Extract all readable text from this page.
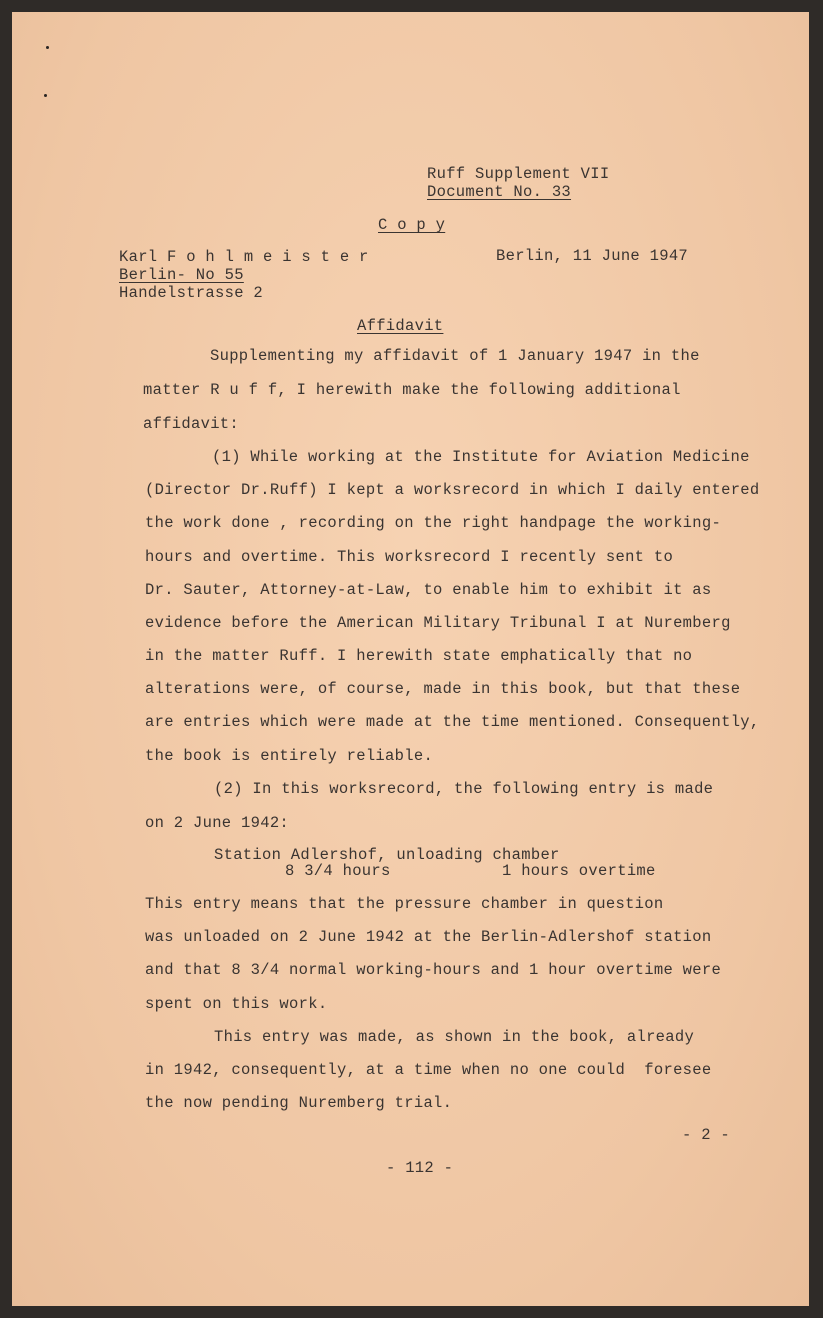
Ruff Supplement VII
Document No. 33
C o p y
Karl F o h l m e i s t e r	Berlin, 11 June 1947
Berlin- No 55
Handelstrasse 2
Affidavit
Supplementing my affidavit of 1 January 1947 in the
matter R u f f, I herewith make the following additional
affidavit:
(1) While working at the Institute for Aviation Medicine
(Director Dr.Ruff) I kept a worksrecord in which I daily entered
the work done , recording on the right handpage the working-
hours and overtime. This worksrecord I recently sent to
Dr. Sauter, Attorney-at-Law, to enable him to exhibit it as
evidence before the American Military Tribunal I at Nuremberg
in the matter Ruff. I herewith state emphatically that no
alterations were, of course, made in this book, but that these
are entries which were made at the time mentioned. Consequently,
the book is entirely reliable.
(2) In this worksrecord, the following entry is made
on 2 June 1942:
Station Adlershof, unloading chamber
8 3/4 hours	1 hours overtime
This entry means that the pressure chamber in question
was unloaded on 2 June 1942 at the Berlin-Adlershof station
and that 8 3/4 normal working-hours and 1 hour overtime were
spent on this work.
This entry was made, as shown in the book, already
in 1942, consequently, at a time when no one could  foresee
the now pending Nuremberg trial.
- 2 -
- 112 -
